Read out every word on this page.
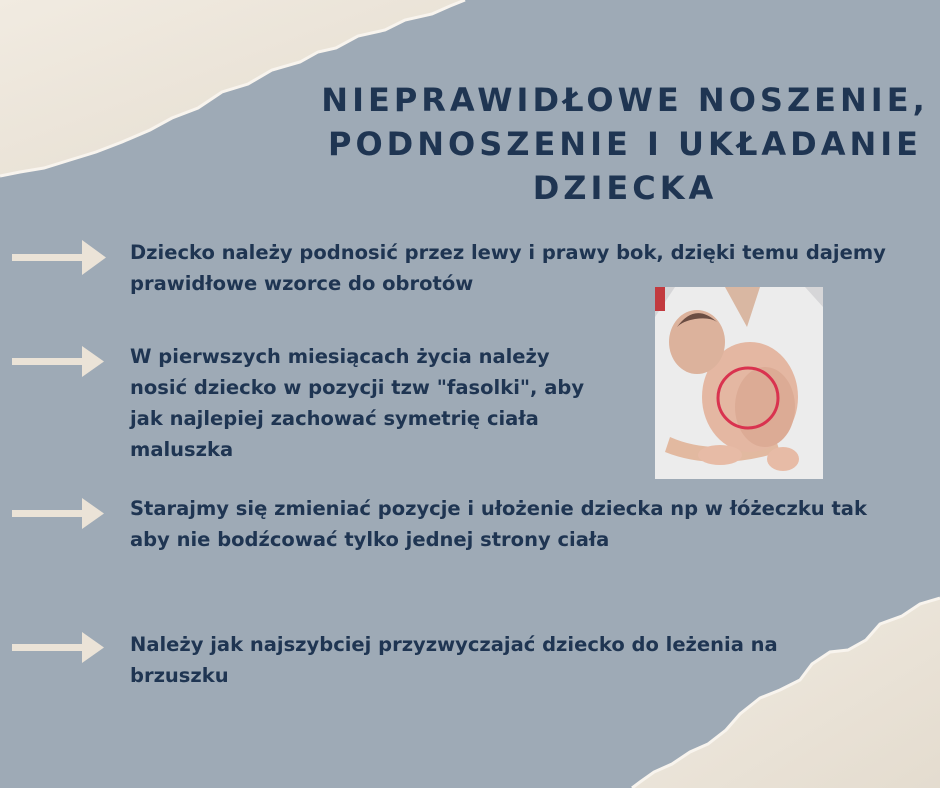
NIEPRAWIDŁOWE NOSZENIE,
PODNOSZENIE I UKŁADANIE
DZIECKA
Dziecko należy podnosić przez lewy i prawy bok, dzięki temu dajemy
prawidłowe wzorce do obrotów
W pierwszych miesiącach życia należy
nosić dziecko w pozycji tzw "fasolki", aby
jak najlepiej zachować symetrię ciała
maluszka
Starajmy się zmieniać pozycje i ułożenie dziecka np w łóżeczku tak
aby nie bodźcować tylko jednej strony ciała
Należy jak najszybciej przyzwyczajać dziecko do leżenia na
brzuszku
